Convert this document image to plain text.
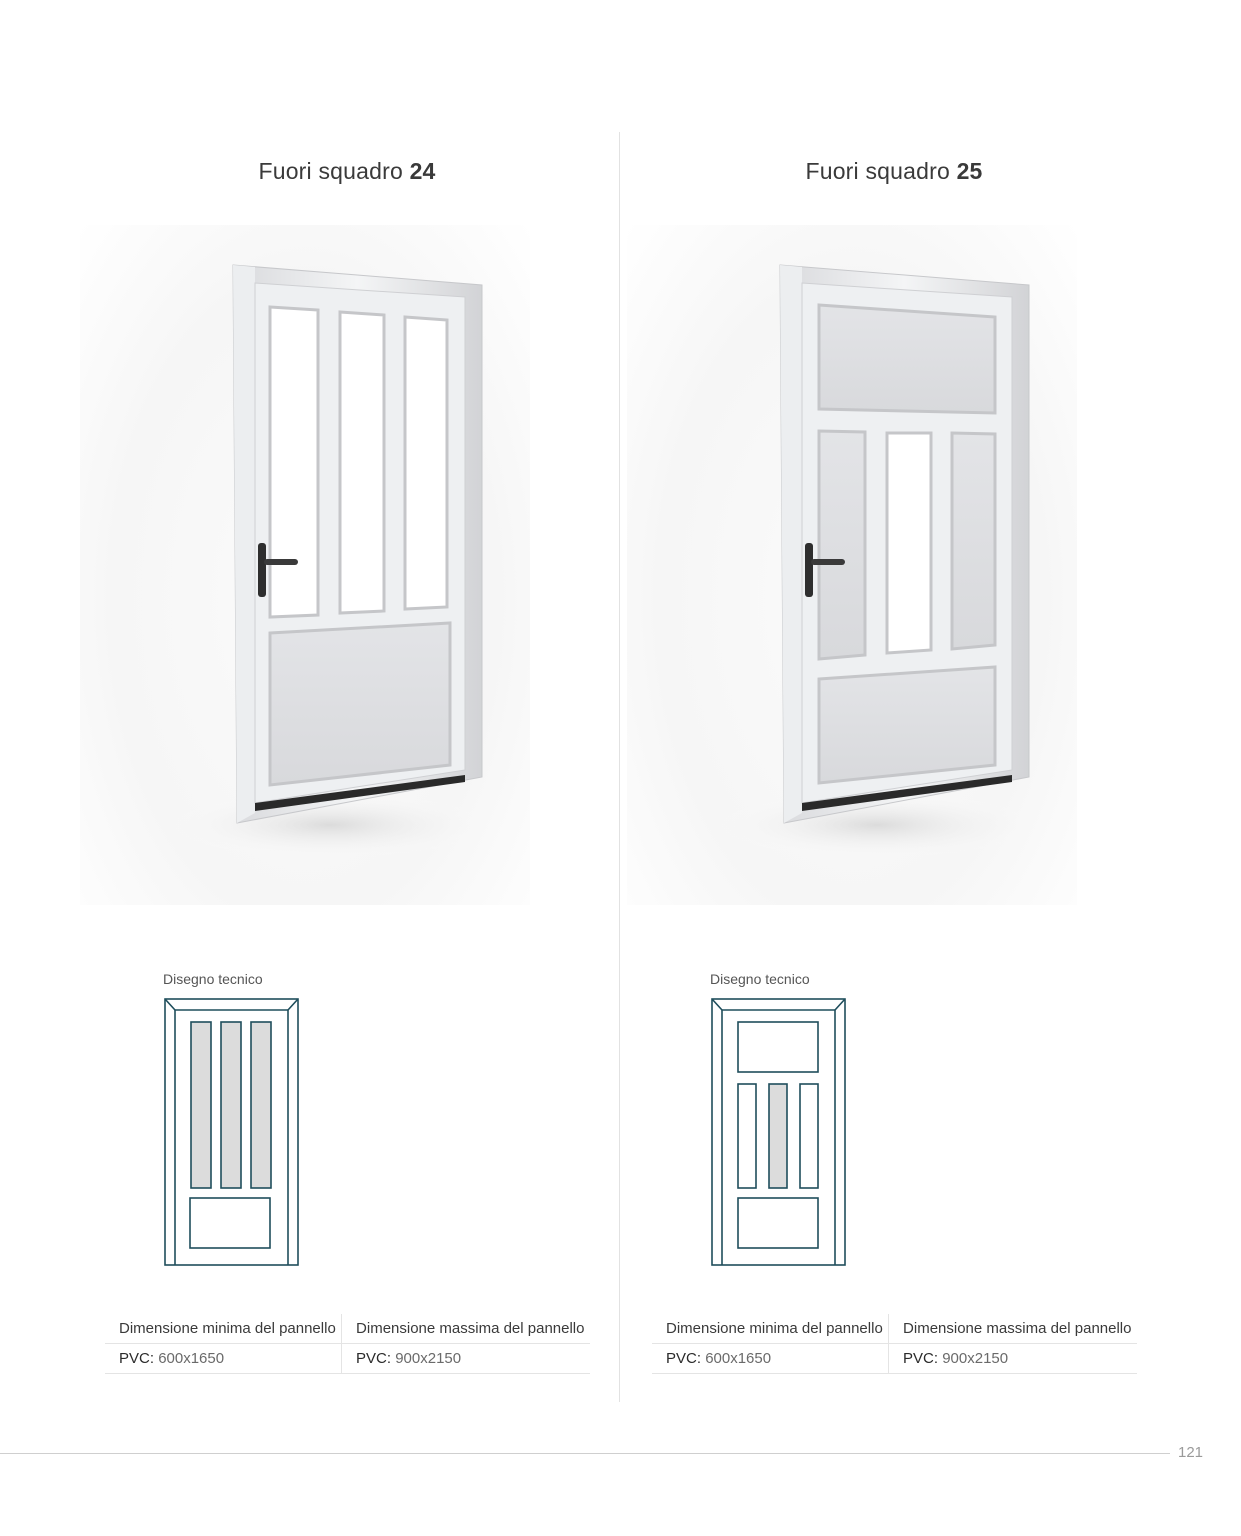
Fuori squadro 24
Disegno tecnico
Dimensione minima del pannello	Dimensione massima del pannello
PVC: 600x1650	PVC: 900x2150
Fuori squadro 25
Disegno tecnico
Dimensione minima del pannello	Dimensione massima del pannello
PVC: 600x1650	PVC: 900x2150
121
